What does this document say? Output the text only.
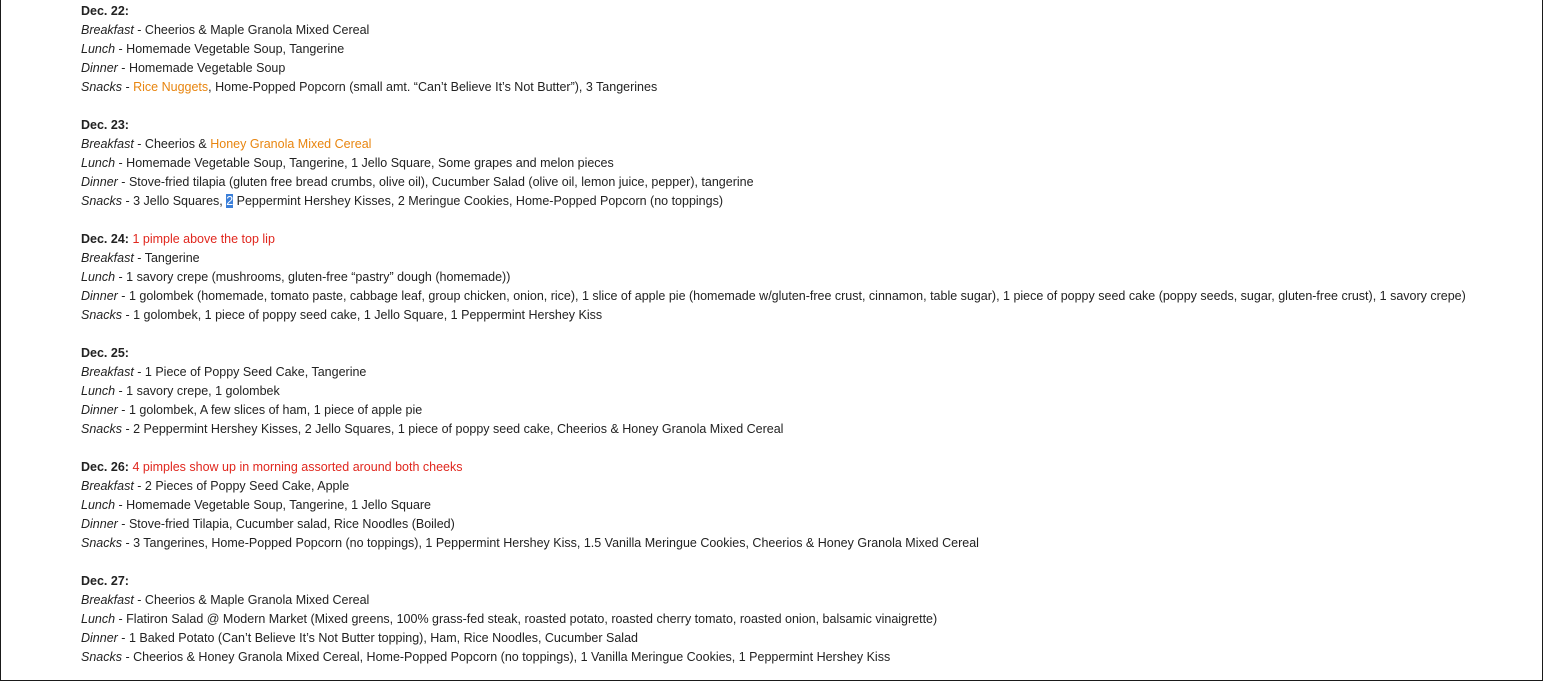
Dec. 22:
Breakfast - Cheerios & Maple Granola Mixed Cereal
Lunch - Homemade Vegetable Soup, Tangerine
Dinner - Homemade Vegetable Soup
Snacks - Rice Nuggets, Home-Popped Popcorn (small amt. “Can’t Believe It’s Not Butter”), 3 Tangerines
Dec. 23:
Breakfast - Cheerios & Honey Granola Mixed Cereal
Lunch - Homemade Vegetable Soup, Tangerine, 1 Jello Square, Some grapes and melon pieces
Dinner - Stove-fried tilapia (gluten free bread crumbs, olive oil), Cucumber Salad (olive oil, lemon juice, pepper), tangerine
Snacks - 3 Jello Squares, 2 Peppermint Hershey Kisses, 2 Meringue Cookies, Home-Popped Popcorn (no toppings)
Dec. 24: 1 pimple above the top lip
Breakfast - Tangerine
Lunch - 1 savory crepe (mushrooms, gluten-free “pastry” dough (homemade))
Dinner - 1 golombek (homemade, tomato paste, cabbage leaf, group chicken, onion, rice), 1 slice of apple pie (homemade w/gluten-free crust, cinnamon, table sugar), 1 piece of poppy seed cake (poppy seeds, sugar, gluten-free crust), 1 savory crepe)
Snacks - 1 golombek, 1 piece of poppy seed cake, 1 Jello Square, 1 Peppermint Hershey Kiss
Dec. 25:
Breakfast - 1 Piece of Poppy Seed Cake, Tangerine
Lunch - 1 savory crepe, 1 golombek
Dinner - 1 golombek, A few slices of ham, 1 piece of apple pie
Snacks - 2 Peppermint Hershey Kisses, 2 Jello Squares, 1 piece of poppy seed cake, Cheerios & Honey Granola Mixed Cereal
Dec. 26: 4 pimples show up in morning assorted around both cheeks
Breakfast - 2 Pieces of Poppy Seed Cake, Apple
Lunch - Homemade Vegetable Soup, Tangerine, 1 Jello Square
Dinner - Stove-fried Tilapia, Cucumber salad, Rice Noodles (Boiled)
Snacks - 3 Tangerines, Home-Popped Popcorn (no toppings), 1 Peppermint Hershey Kiss, 1.5 Vanilla Meringue Cookies, Cheerios & Honey Granola Mixed Cereal
Dec. 27:
Breakfast - Cheerios & Maple Granola Mixed Cereal
Lunch - Flatiron Salad @ Modern Market (Mixed greens, 100% grass-fed steak, roasted potato, roasted cherry tomato, roasted onion, balsamic vinaigrette)
Dinner - 1 Baked Potato (Can’t Believe It’s Not Butter topping), Ham, Rice Noodles, Cucumber Salad
Snacks - Cheerios & Honey Granola Mixed Cereal, Home-Popped Popcorn (no toppings), 1 Vanilla Meringue Cookies, 1 Peppermint Hershey Kiss
